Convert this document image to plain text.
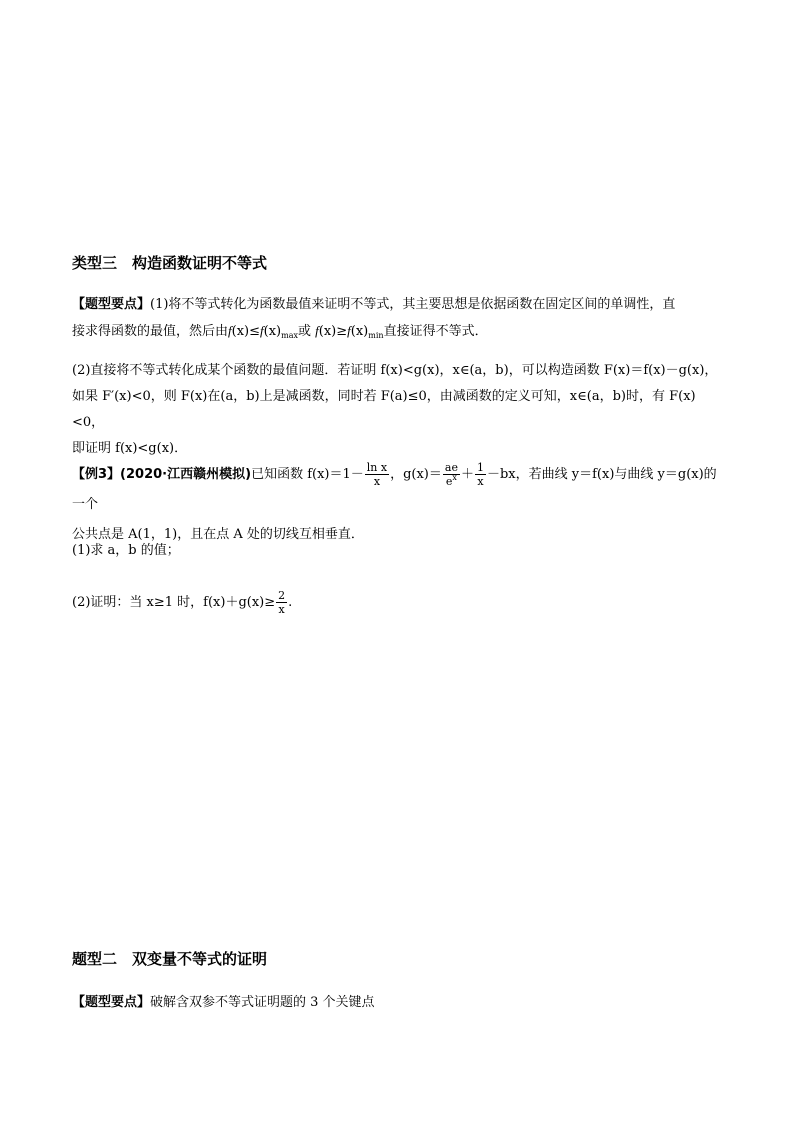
类型三　构造函数证明不等式
【题型要点】(1)将不等式转化为函数最值来证明不等式，其主要思想是依据函数在固定区间的单调性，直
接求得函数的最值，然后由$f(x)\le f(x)_{max}$或 $f(x)\ge f(x)_{min}$直接证得不等式．
(2)直接将不等式转化成某个函数的最值问题．若证明 f(x)<g(x)，x∈(a，b)，可以构造函数 F(x)＝f(x)－g(x)，
如果 F′(x)<0，则 F(x)在(a，b)上是减函数，同时若 F(a)≤0，由减函数的定义可知，x∈(a，b)时，有 F(x)<0，
即证明 f(x)<g(x)．
【例3】(2020·江西赣州模拟)已知函数 $f(x)=1- \frac{\text{ln x}}{x}$ ，$g(x)= \frac{ae}{e^x} + \frac{1}{x} -bx$，若曲线 y＝f(x)与曲线 y＝g(x)的一个
公共点是 A(1，1)，且在点 A 处的切线互相垂直．
(1)求 a，b 的值；
(2)证明：当 x≥1 时，$f(x)+g(x)\ge \frac{2}{x}$ .
题型二　双变量不等式的证明
【题型要点】破解含双参不等式证明题的 3 个关键点
